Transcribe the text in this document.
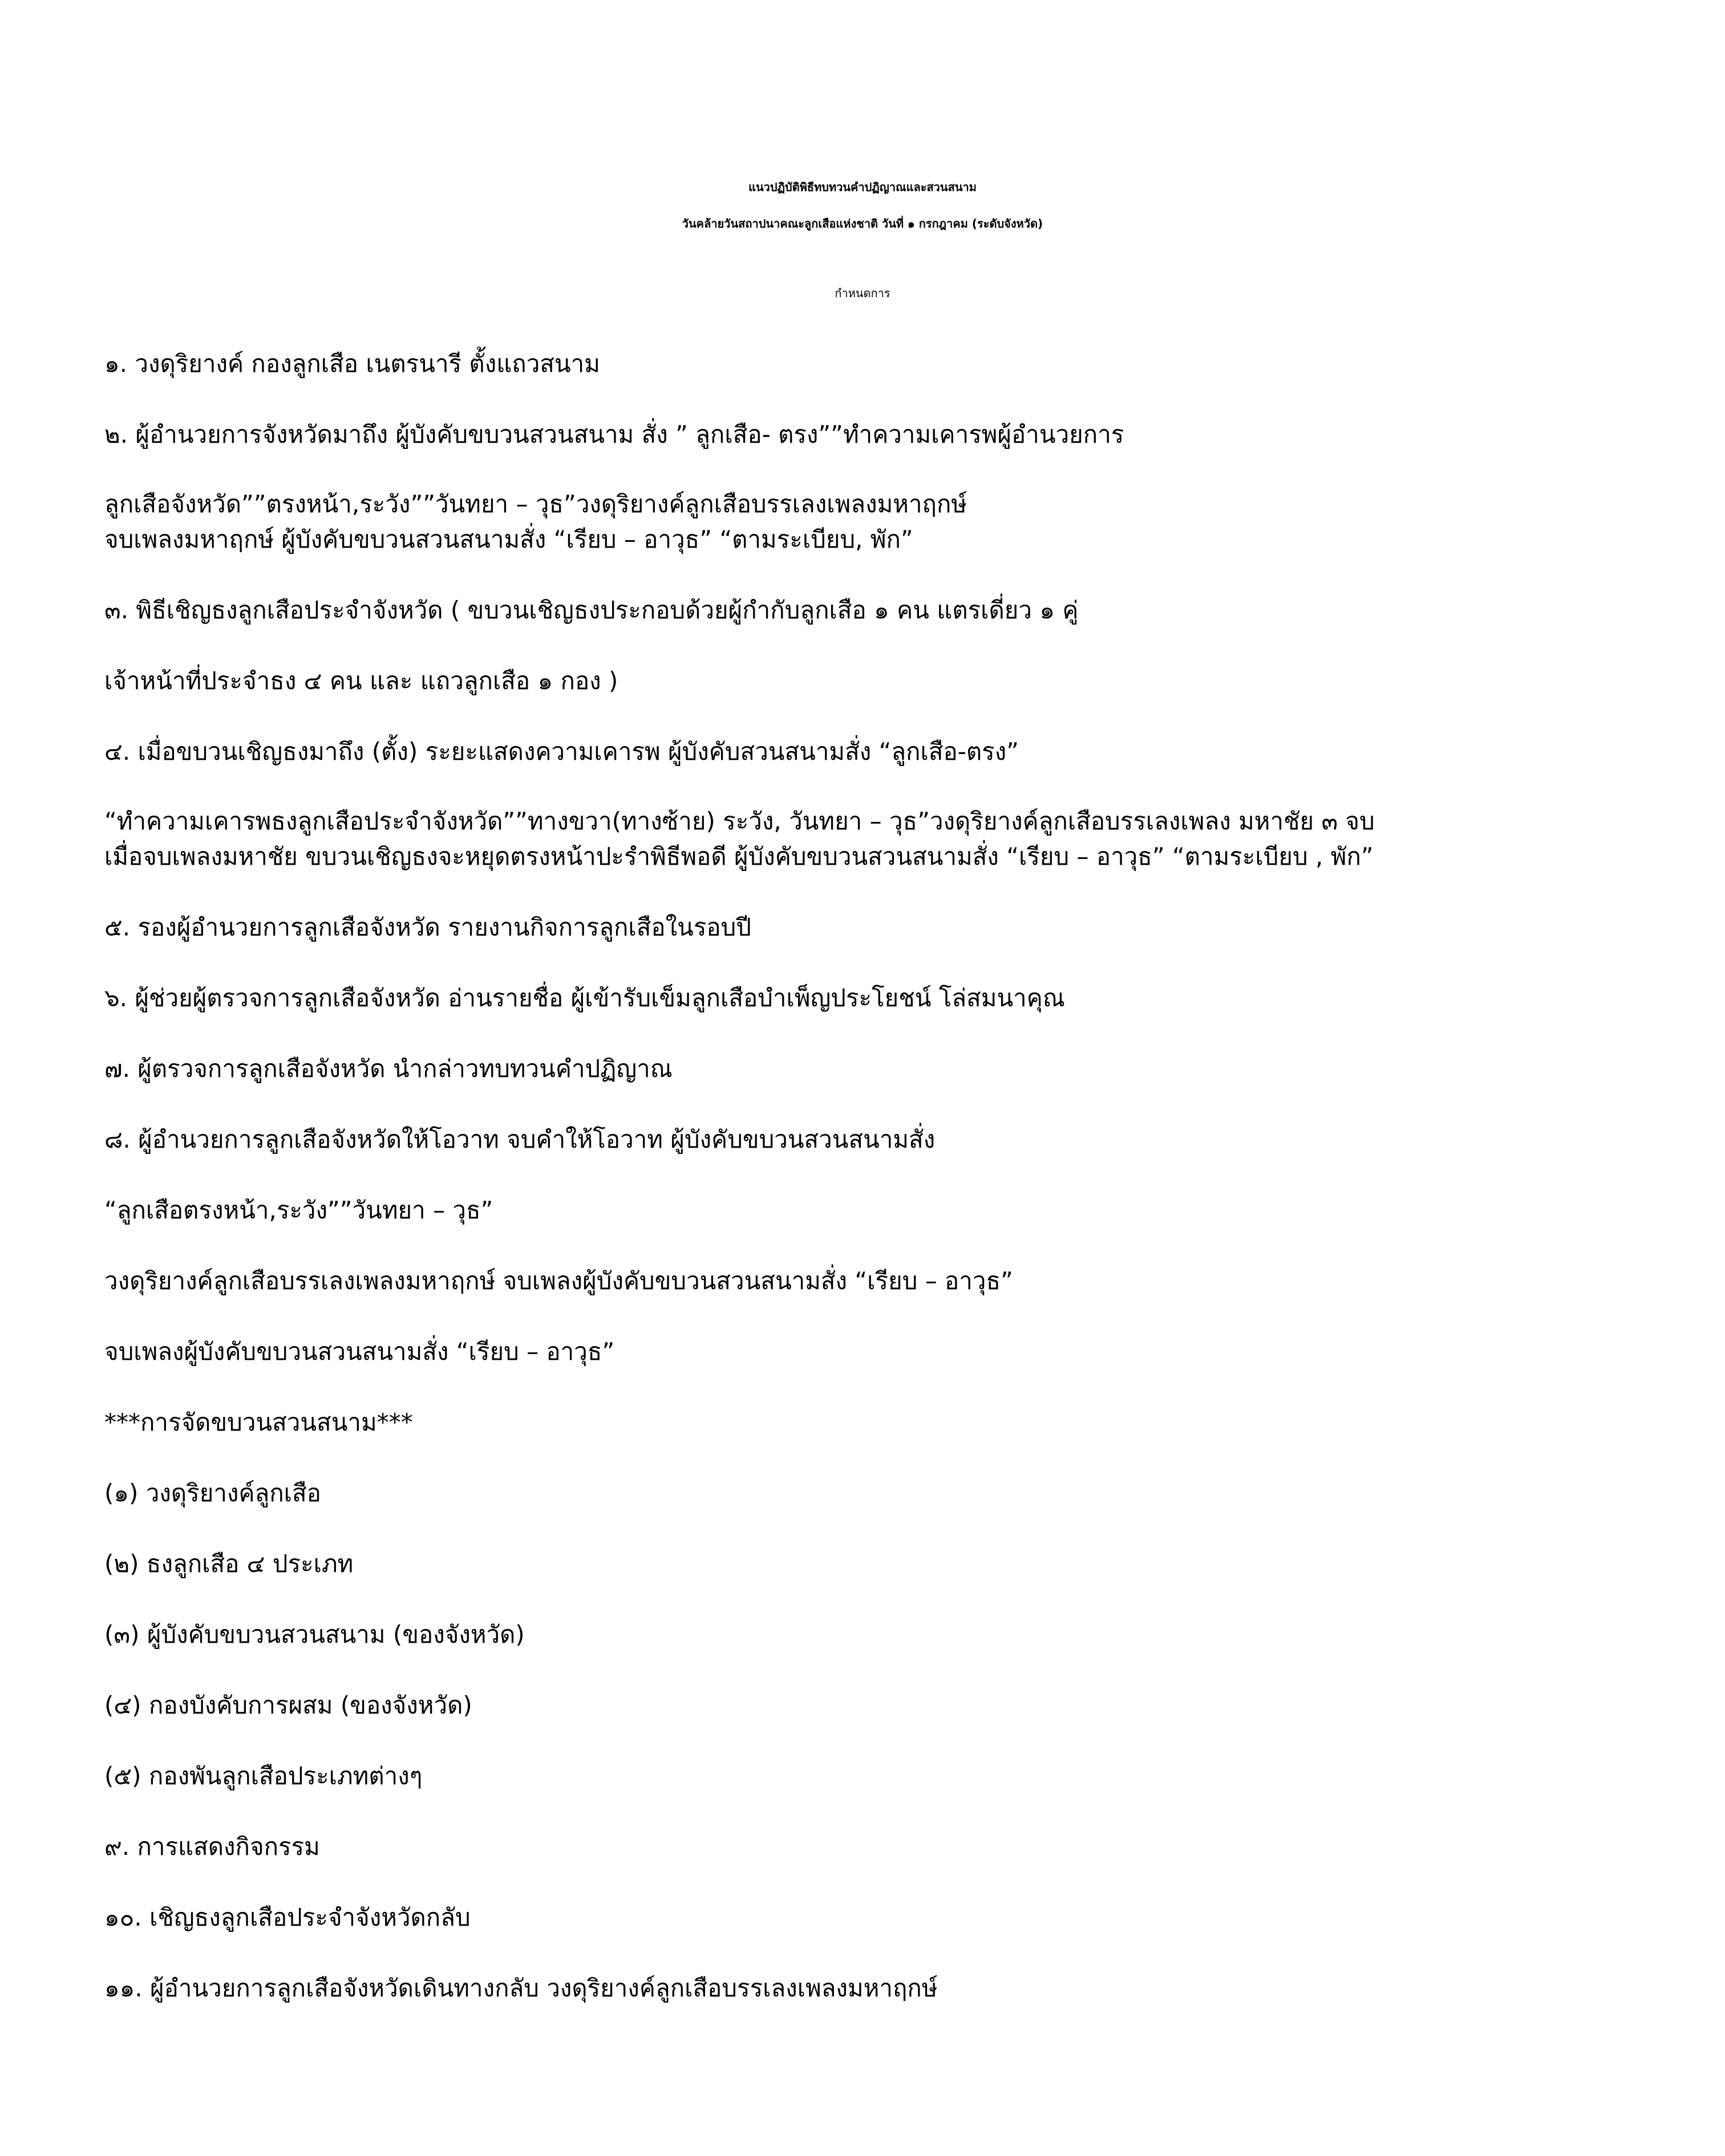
แนวปฏิบัติพิธีทบทวนคำปฏิญาณและสวนสนาม
วันคล้ายวันสถาปนาคณะลูกเสือแห่งชาติ วันที่ ๑ กรกฎาคม (ระดับจังหวัด)
กำหนดการ
๑. วงดุริยางค์ กองลูกเสือ เนตรนารี ตั้งแถวสนาม
๒. ผู้อำนวยการจังหวัดมาถึง ผู้บังคับขบวนสวนสนาม สั่ง ” ลูกเสือ- ตรง””ทำความเคารพผู้อำนวยการ
ลูกเสือจังหวัด””ตรงหน้า,ระวัง””วันทยา – วุธ”วงดุริยางค์ลูกเสือบรรเลงเพลงมหาฤกษ์
จบเพลงมหาฤกษ์ ผู้บังคับขบวนสวนสนามสั่ง “เรียบ – อาวุธ” “ตามระเบียบ, พัก”
๓. พิธีเชิญธงลูกเสือประจำจังหวัด ( ขบวนเชิญธงประกอบด้วยผู้กำกับลูกเสือ ๑ คน แตรเดี่ยว ๑ คู่
เจ้าหน้าที่ประจำธง ๔ คน และ แถวลูกเสือ ๑ กอง )
๔. เมื่อขบวนเชิญธงมาถึง (ตั้ง) ระยะแสดงความเคารพ ผู้บังคับสวนสนามสั่ง “ลูกเสือ-ตรง”
“ทำความเคารพธงลูกเสือประจำจังหวัด””ทางขวา(ทางซ้าย) ระวัง, วันทยา – วุธ”วงดุริยางค์ลูกเสือบรรเลงเพลง มหาชัย ๓ จบ
เมื่อจบเพลงมหาชัย ขบวนเชิญธงจะหยุดตรงหน้าปะรำพิธีพอดี ผู้บังคับขบวนสวนสนามสั่ง “เรียบ – อาวุธ” “ตามระเบียบ , พัก”
๕. รองผู้อำนวยการลูกเสือจังหวัด รายงานกิจการลูกเสือในรอบปี
๖. ผู้ช่วยผู้ตรวจการลูกเสือจังหวัด อ่านรายชื่อ ผู้เข้ารับเข็มลูกเสือบำเพ็ญประโยชน์ โล่สมนาคุณ
๗. ผู้ตรวจการลูกเสือจังหวัด นำกล่าวทบทวนคำปฏิญาณ
๘. ผู้อำนวยการลูกเสือจังหวัดให้โอวาท จบคำให้โอวาท ผู้บังคับขบวนสวนสนามสั่ง
“ลูกเสือตรงหน้า,ระวัง””วันทยา – วุธ”
วงดุริยางค์ลูกเสือบรรเลงเพลงมหาฤกษ์ จบเพลงผู้บังคับขบวนสวนสนามสั่ง “เรียบ – อาวุธ”
จบเพลงผู้บังคับขบวนสวนสนามสั่ง “เรียบ – อาวุธ”
***การจัดขบวนสวนสนาม***
(๑) วงดุริยางค์ลูกเสือ
(๒) ธงลูกเสือ ๔ ประเภท
(๓) ผู้บังคับขบวนสวนสนาม (ของจังหวัด)
(๔) กองบังคับการผสม (ของจังหวัด)
(๕) กองพันลูกเสือประเภทต่างๆ
๙. การแสดงกิจกรรม
๑๐. เชิญธงลูกเสือประจำจังหวัดกลับ
๑๑. ผู้อำนวยการลูกเสือจังหวัดเดินทางกลับ วงดุริยางค์ลูกเสือบรรเลงเพลงมหาฤกษ์
